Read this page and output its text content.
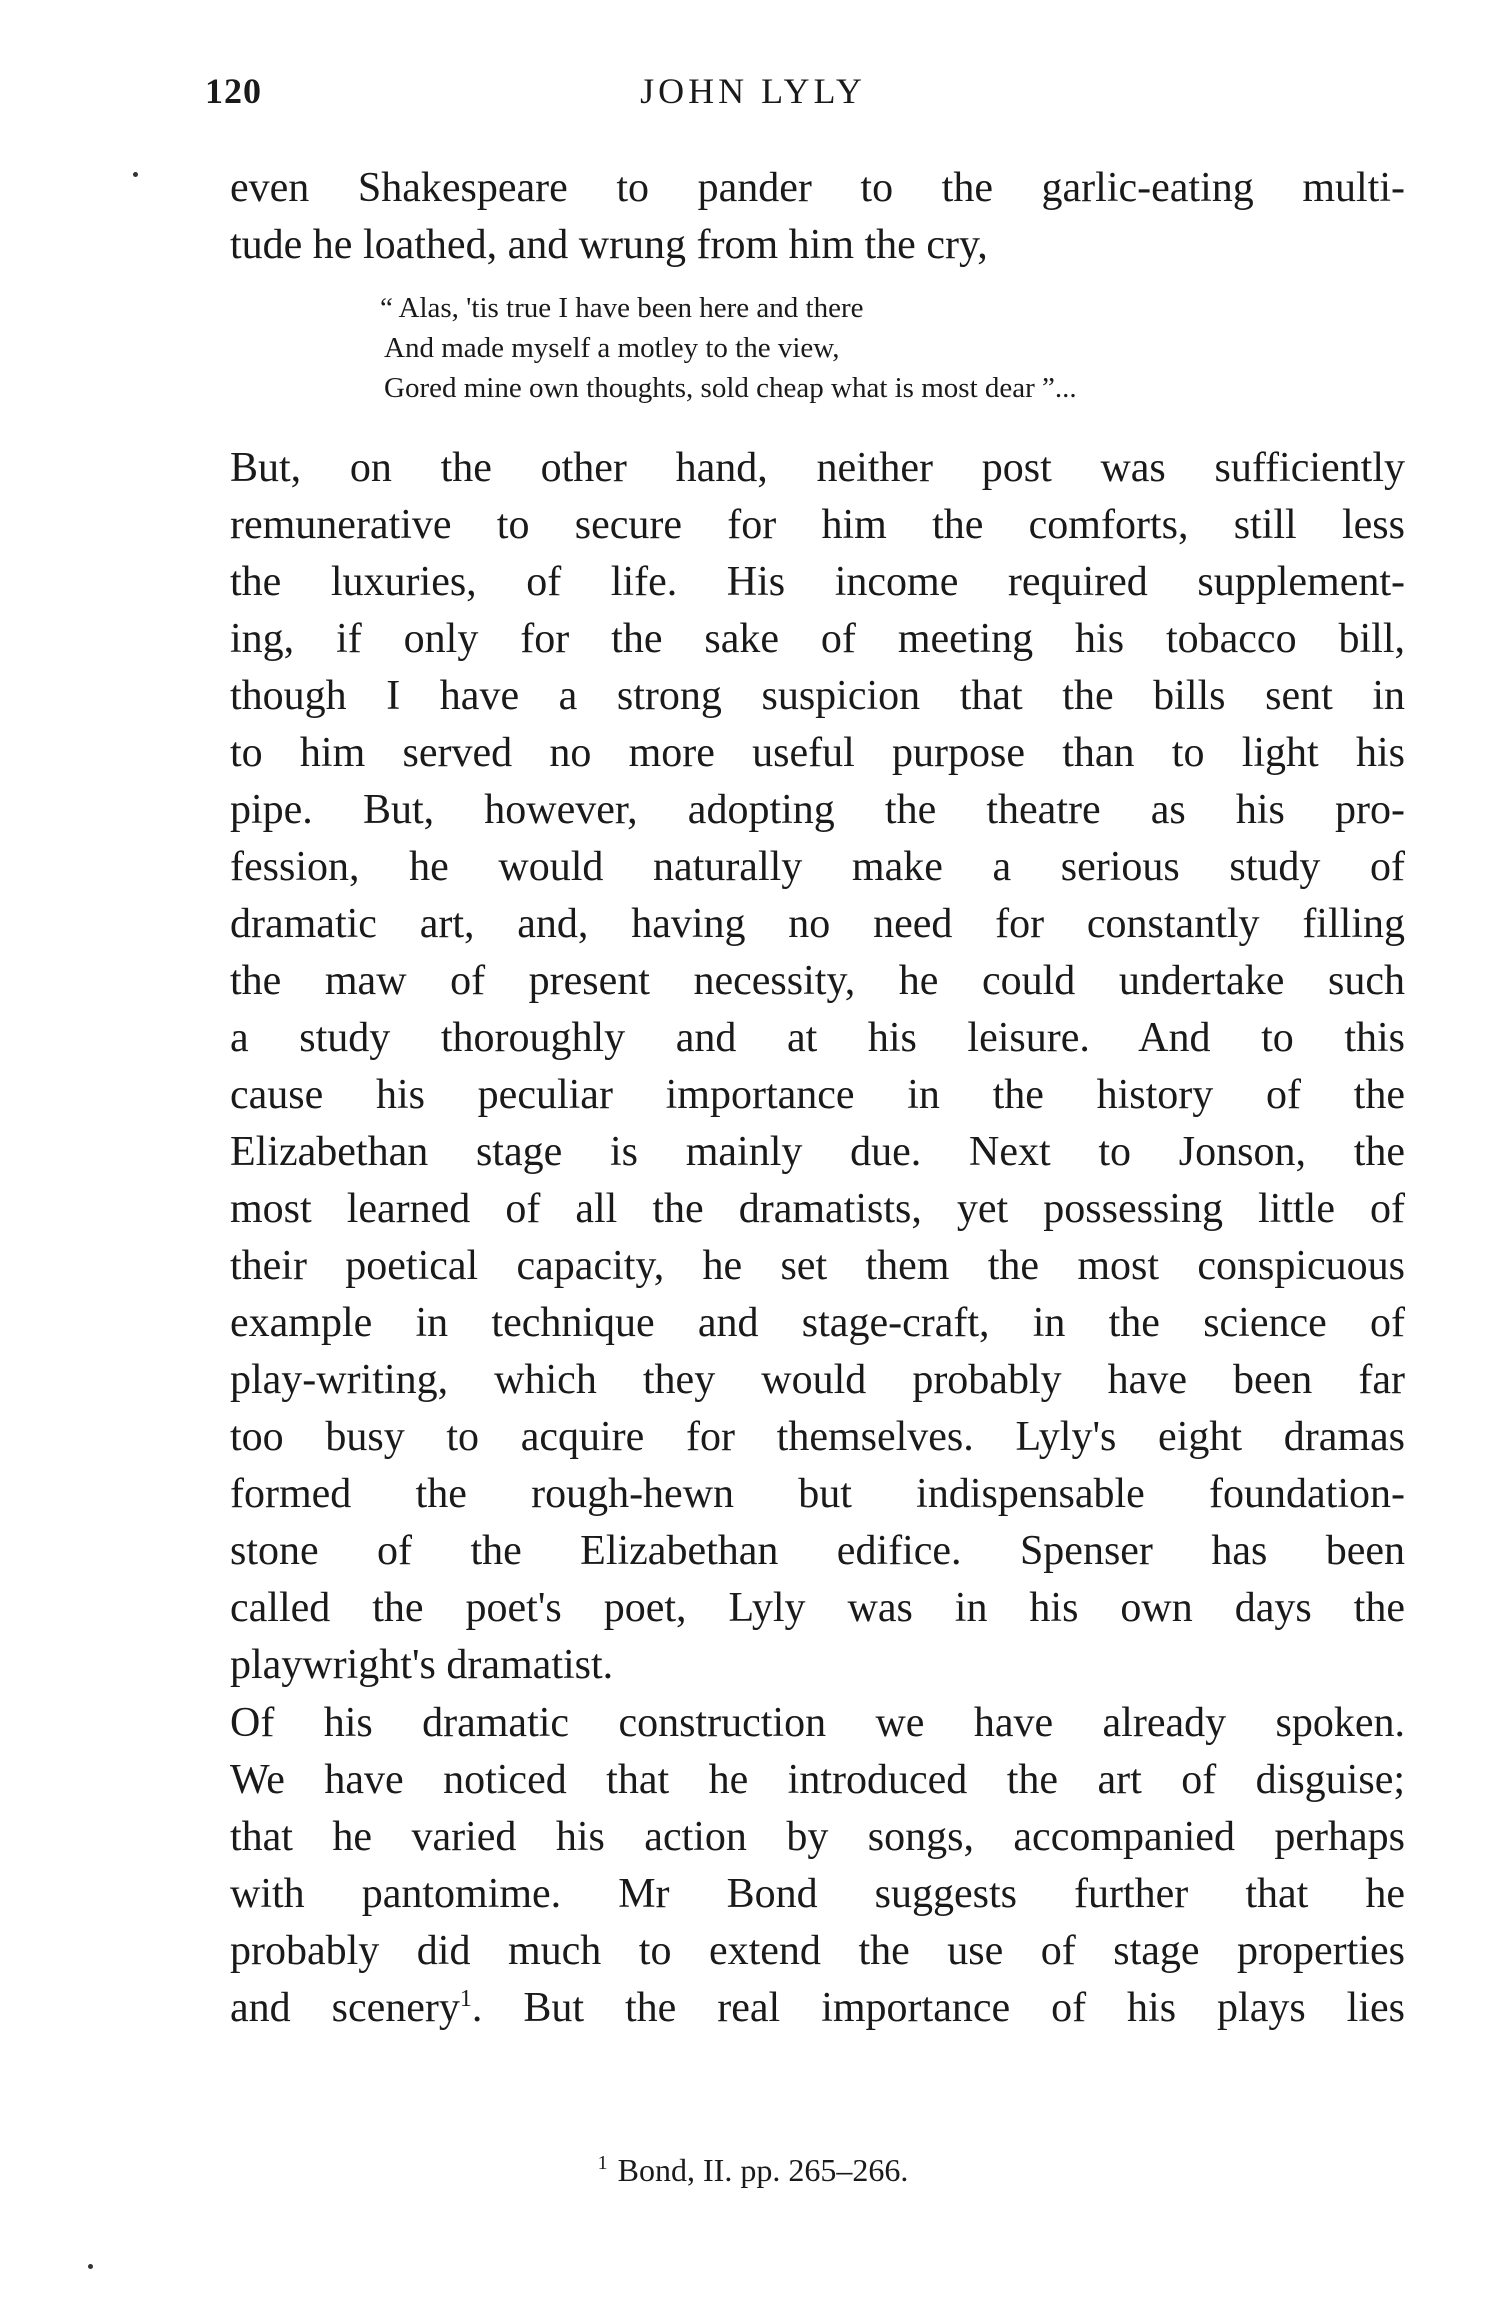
120	JOHN LYLY

even Shakespeare to pander to the garlic-eating multi-
tude he loathed, and wrung from him the cry,

“ Alas, 'tis true I have been here and there
And made myself a motley to the view,
Gored mine own thoughts, sold cheap what is most dear ”...

But, on the other hand, neither post was sufficiently
remunerative to secure for him the comforts, still less
the luxuries, of life. His income required supplement-
ing, if only for the sake of meeting his tobacco bill,
though I have a strong suspicion that the bills sent in
to him served no more useful purpose than to light his
pipe. But, however, adopting the theatre as his pro-
fession, he would naturally make a serious study of
dramatic art, and, having no need for constantly filling
the maw of present necessity, he could undertake such
a study thoroughly and at his leisure. And to this
cause his peculiar importance in the history of the
Elizabethan stage is mainly due. Next to Jonson, the
most learned of all the dramatists, yet possessing little of
their poetical capacity, he set them the most conspicuous
example in technique and stage-craft, in the science of
play-writing, which they would probably have been far
too busy to acquire for themselves. Lyly's eight dramas
formed the rough-hewn but indispensable foundation-
stone of the Elizabethan edifice. Spenser has been
called the poet's poet, Lyly was in his own days the
playwright's dramatist.

Of his dramatic construction we have already spoken.
We have noticed that he introduced the art of disguise;
that he varied his action by songs, accompanied perhaps
with pantomime. Mr Bond suggests further that he
probably did much to extend the use of stage properties
and scenery$^1$. But the real importance of his plays lies

$^1$ Bond, II. pp. 265–266.
